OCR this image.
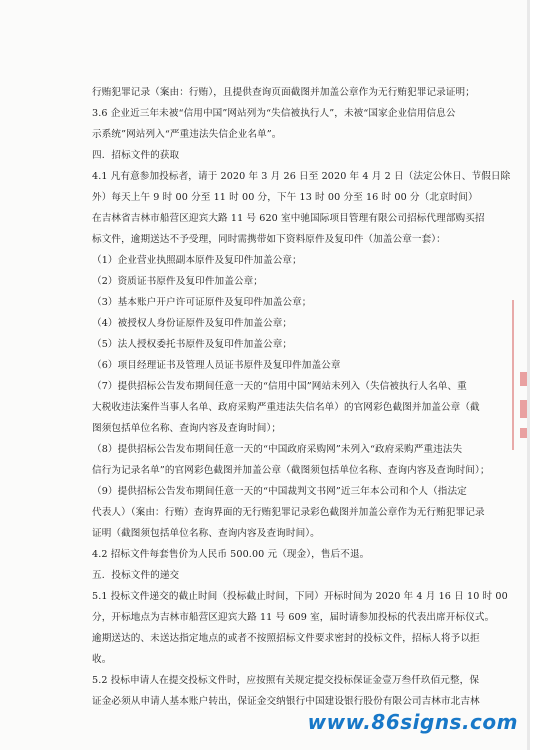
行贿犯罪记录（案由：行贿），且提供查询页面截图并加盖公章作为无行贿犯罪记录证明；

3.6 企业近三年未被“信用中国”网站列为“失信被执行人”，未被“国家企业信用信息公

示系统”网站列入“严重违法失信企业名单”。

四．招标文件的获取

4.1 凡有意参加投标者，请于 2020 年 3 月 26 日至 2020 年 4 月 2 日（法定公休日、节假日除

外）每天上午 9 时 00 分至 11 时 00 分，下午 13 时 00 分至 16 时 00 分（北京时间）

在吉林省吉林市船营区迎宾大路 11 号 620 室中驰国际项目管理有限公司招标代理部购买招

标文件，逾期送达不予受理，同时需携带如下资料原件及复印件（加盖公章一套）：

（1）企业营业执照副本原件及复印件加盖公章；

（2）资质证书原件及复印件加盖公章；

（3）基本账户开户许可证原件及复印件加盖公章；

（4）被授权人身份证原件及复印件加盖公章；

（5）法人授权委托书原件及复印件加盖公章；

（6）项目经理证书及管理人员证书原件及复印件加盖公章

（7）提供招标公告发布期间任意一天的“信用中国”网站未列入（失信被执行人名单、重

大税收违法案件当事人名单、政府采购严重违法失信名单）的官网彩色截图并加盖公章（截

图须包括单位名称、查询内容及查询时间）；

（8）提供招标公告发布期间任意一天的“中国政府采购网”未列入“政府采购严重违法失

信行为记录名单”的官网彩色截图并加盖公章（截图须包括单位名称、查询内容及查询时间）；

（9）提供招标公告发布期间任意一天的“中国裁判文书网”近三年本公司和个人（指法定

代表人）（案由：行贿）查询界面的无行贿犯罪记录彩色截图并加盖公章作为无行贿犯罪记录

证明（截图须包括单位名称、查询内容及查询时间）。

4.2 招标文件每套售价为人民币 500.00 元（现金），售后不退。

五．投标文件的递交

5.1 投标文件递交的截止时间（投标截止时间，下同）开标时间为 2020 年 4 月 16 日 10 时 00

分，开标地点为吉林市船营区迎宾大路 11 号 609 室，届时请参加投标的代表出席开标仪式。

逾期送达的、未送达指定地点的或者不按照招标文件要求密封的投标文件，招标人将予以拒

收。

5.2 投标申请人在提交投标文件时，应按照有关规定提交投标保证金壹万叁仟玖佰元整，保

证金必须从申请人基本账户转出，保证金交纳银行中国建设银行股份有限公司吉林市北吉林

www.86signs.com
